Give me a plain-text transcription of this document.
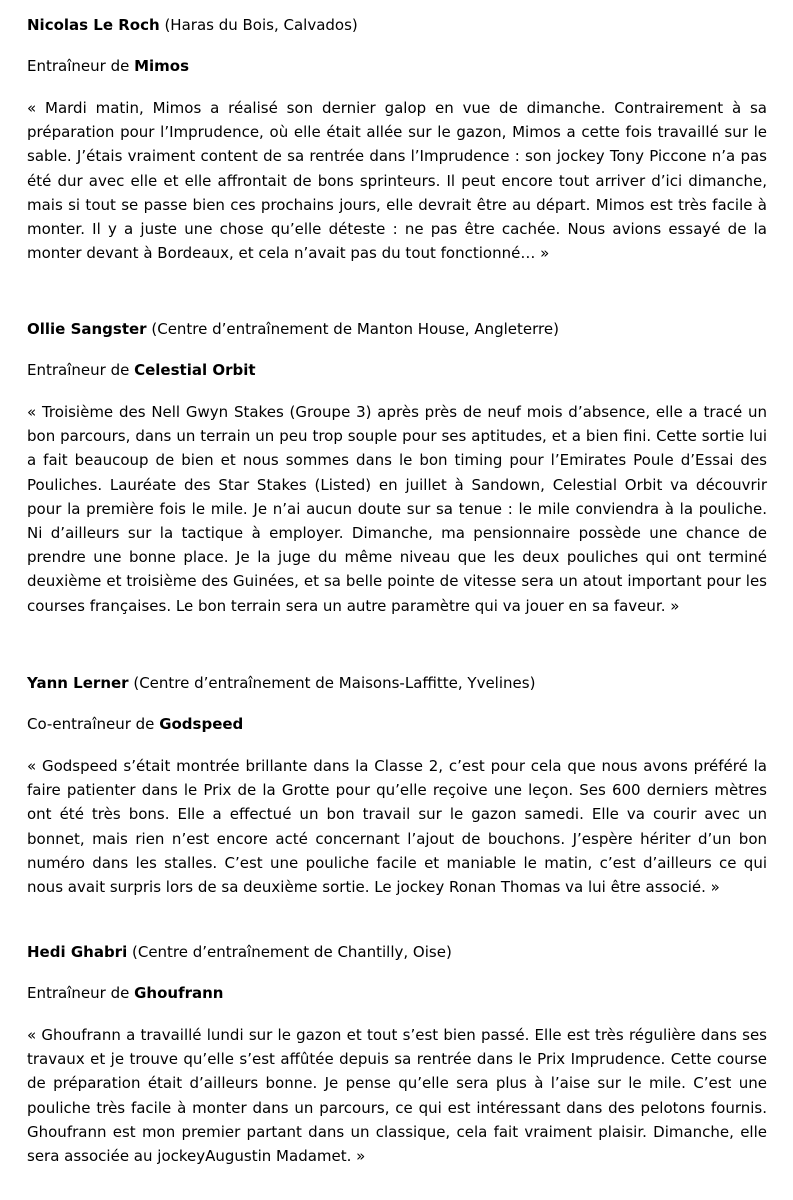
Nicolas Le Roch (Haras du Bois, Calvados)

Entraîneur de Mimos

« Mardi matin, Mimos a réalisé son dernier galop en vue de dimanche. Contrairement à sa préparation pour l’Imprudence, où elle était allée sur le gazon, Mimos a cette fois travaillé sur le sable. J’étais vraiment content de sa rentrée dans l’Imprudence : son jockey Tony Piccone n’a pas été dur avec elle et elle affrontait de bons sprinteurs. Il peut encore tout arriver d’ici dimanche, mais si tout se passe bien ces prochains jours, elle devrait être au départ. Mimos est très facile à monter. Il y a juste une chose qu’elle déteste : ne pas être cachée. Nous avions essayé de la monter devant à Bordeaux, et cela n’avait pas du tout fonctionné… »

Ollie Sangster (Centre d’entraînement de Manton House, Angleterre)

Entraîneur de Celestial Orbit

« Troisième des Nell Gwyn Stakes (Groupe 3) après près de neuf mois d’absence, elle a tracé un bon parcours, dans un terrain un peu trop souple pour ses aptitudes, et a bien fini. Cette sortie lui a fait beaucoup de bien et nous sommes dans le bon timing pour l’Emirates Poule d’Essai des Pouliches. Lauréate des Star Stakes (Listed) en juillet à Sandown, Celestial Orbit va découvrir pour la première fois le mile. Je n’ai aucun doute sur sa tenue : le mile conviendra à la pouliche. Ni d’ailleurs sur la tactique à employer. Dimanche, ma pensionnaire possède une chance de prendre une bonne place. Je la juge du même niveau que les deux pouliches qui ont terminé deuxième et troisième des Guinées, et sa belle pointe de vitesse sera un atout important pour les courses françaises. Le bon terrain sera un autre paramètre qui va jouer en sa faveur. »

Yann Lerner (Centre d’entraînement de Maisons-Laffitte, Yvelines)

Co-entraîneur de Godspeed

« Godspeed s’était montrée brillante dans la Classe 2, c’est pour cela que nous avons préféré la faire patienter dans le Prix de la Grotte pour qu’elle reçoive une leçon. Ses 600 derniers mètres ont été très bons. Elle a effectué un bon travail sur le gazon samedi. Elle va courir avec un bonnet, mais rien n’est encore acté concernant l’ajout de bouchons. J’espère hériter d’un bon numéro dans les stalles. C’est une pouliche facile et maniable le matin, c’est d’ailleurs ce qui nous avait surpris lors de sa deuxième sortie. Le jockey Ronan Thomas va lui être associé. »

Hedi Ghabri (Centre d’entraînement de Chantilly, Oise)

Entraîneur de Ghoufrann

« Ghoufrann a travaillé lundi sur le gazon et tout s’est bien passé. Elle est très régulière dans ses travaux et je trouve qu’elle s’est affûtée depuis sa rentrée dans le Prix Imprudence. Cette course de préparation était d’ailleurs bonne. Je pense qu’elle sera plus à l’aise sur le mile. C’est une pouliche très facile à monter dans un parcours, ce qui est intéressant dans des pelotons fournis. Ghoufrann est mon premier partant dans un classique, cela fait vraiment plaisir. Dimanche, elle sera associée au jockeyAugustin Madamet. »
